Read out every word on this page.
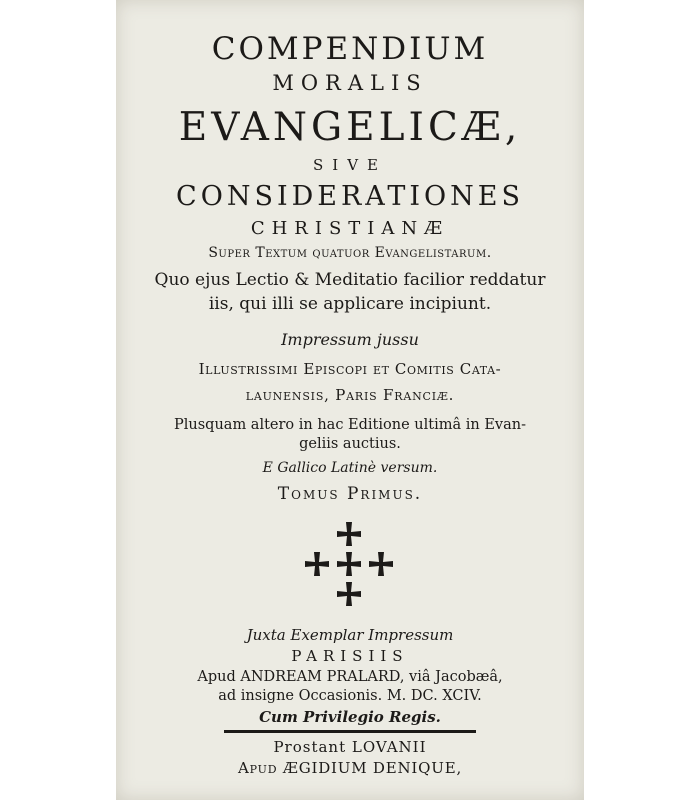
COMPENDIUM
MORALIS
EVANGELICÆ,
SIVE
CONSIDERATIONES
CHRISTIANÆ
Super Textum quatuor Evangelistarum.
Quo ejus Lectio & Meditatio facilior reddatur
iis, qui illi se applicare incipiunt.
Impressum jussu
Illustrissimi Episcopi et Comitis Cata-
launensis, Paris Franciæ.
Plusquam altero in hac Editione ultimâ in Evan-
geliis auctius.
E Gallico Latinè versum.
Tomus Primus.
Juxta Exemplar Impressum
PARISIIS
Apud ANDREAM PRALARD, viâ Jacobæâ,
ad insigne Occasionis. M. DC. XCIV.
Cum Privilegio Regis.
Prostant LOVANII
Apud ÆGIDIUM DENIQUE,
